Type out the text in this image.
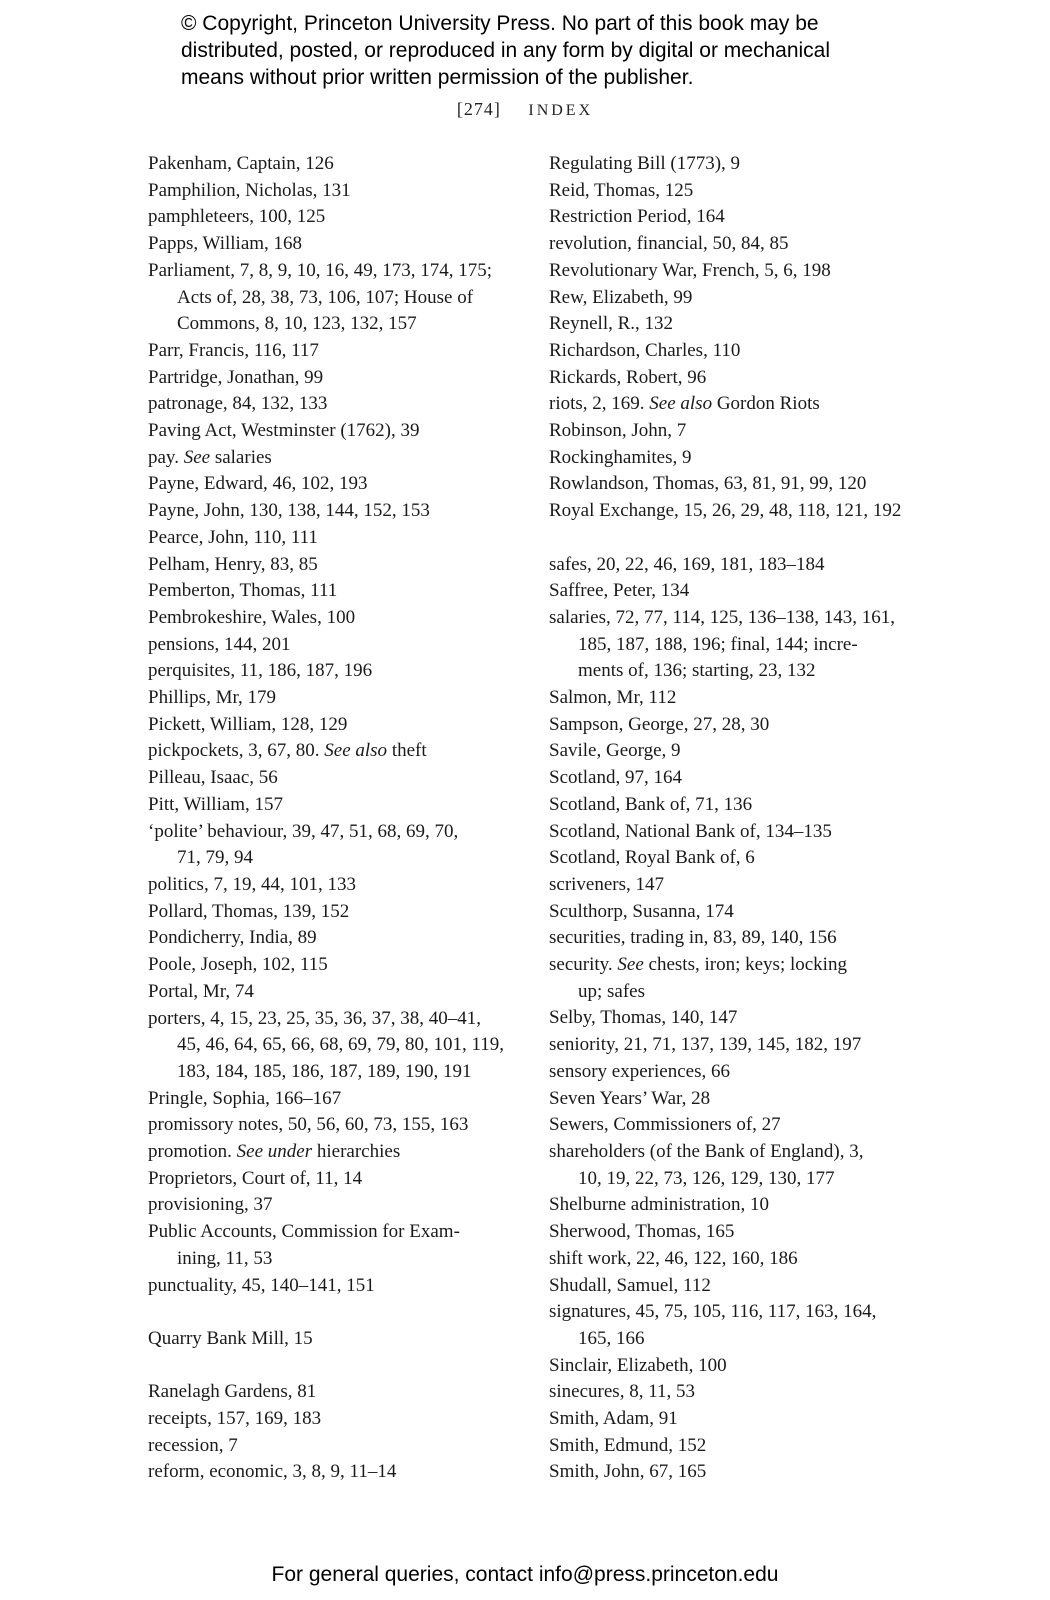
© Copyright, Princeton University Press. No part of this book may be
distributed, posted, or reproduced in any form by digital or mechanical
means without prior written permission of the publisher.
[274] INDEX
Pakenham, Captain, 126
Pamphilion, Nicholas, 131
pamphleteers, 100, 125
Papps, William, 168
Parliament, 7, 8, 9, 10, 16, 49, 173, 174, 175;
Acts of, 28, 38, 73, 106, 107; House of
Commons, 8, 10, 123, 132, 157
Parr, Francis, 116, 117
Partridge, Jonathan, 99
patronage, 84, 132, 133
Paving Act, Westminster (1762), 39
pay. See salaries
Payne, Edward, 46, 102, 193
Payne, John, 130, 138, 144, 152, 153
Pearce, John, 110, 111
Pelham, Henry, 83, 85
Pemberton, Thomas, 111
Pembrokeshire, Wales, 100
pensions, 144, 201
perquisites, 11, 186, 187, 196
Phillips, Mr, 179
Pickett, William, 128, 129
pickpockets, 3, 67, 80. See also theft
Pilleau, Isaac, 56
Pitt, William, 157
‘polite’ behaviour, 39, 47, 51, 68, 69, 70,
71, 79, 94
politics, 7, 19, 44, 101, 133
Pollard, Thomas, 139, 152
Pondicherry, India, 89
Poole, Joseph, 102, 115
Portal, Mr, 74
porters, 4, 15, 23, 25, 35, 36, 37, 38, 40–41,
45, 46, 64, 65, 66, 68, 69, 79, 80, 101, 119,
183, 184, 185, 186, 187, 189, 190, 191
Pringle, Sophia, 166–167
promissory notes, 50, 56, 60, 73, 155, 163
promotion. See under hierarchies
Proprietors, Court of, 11, 14
provisioning, 37
Public Accounts, Commission for Exam-
ining, 11, 53
punctuality, 45, 140–141, 151
Quarry Bank Mill, 15
Ranelagh Gardens, 81
receipts, 157, 169, 183
recession, 7
reform, economic, 3, 8, 9, 11–14
Regulating Bill (1773), 9
Reid, Thomas, 125
Restriction Period, 164
revolution, financial, 50, 84, 85
Revolutionary War, French, 5, 6, 198
Rew, Elizabeth, 99
Reynell, R., 132
Richardson, Charles, 110
Rickards, Robert, 96
riots, 2, 169. See also Gordon Riots
Robinson, John, 7
Rockinghamites, 9
Rowlandson, Thomas, 63, 81, 91, 99, 120
Royal Exchange, 15, 26, 29, 48, 118, 121, 192
safes, 20, 22, 46, 169, 181, 183–184
Saffree, Peter, 134
salaries, 72, 77, 114, 125, 136–138, 143, 161,
185, 187, 188, 196; final, 144; incre-
ments of, 136; starting, 23, 132
Salmon, Mr, 112
Sampson, George, 27, 28, 30
Savile, George, 9
Scotland, 97, 164
Scotland, Bank of, 71, 136
Scotland, National Bank of, 134–135
Scotland, Royal Bank of, 6
scriveners, 147
Sculthorp, Susanna, 174
securities, trading in, 83, 89, 140, 156
security. See chests, iron; keys; locking
up; safes
Selby, Thomas, 140, 147
seniority, 21, 71, 137, 139, 145, 182, 197
sensory experiences, 66
Seven Years’ War, 28
Sewers, Commissioners of, 27
shareholders (of the Bank of England), 3,
10, 19, 22, 73, 126, 129, 130, 177
Shelburne administration, 10
Sherwood, Thomas, 165
shift work, 22, 46, 122, 160, 186
Shudall, Samuel, 112
signatures, 45, 75, 105, 116, 117, 163, 164,
165, 166
Sinclair, Elizabeth, 100
sinecures, 8, 11, 53
Smith, Adam, 91
Smith, Edmund, 152
Smith, John, 67, 165
For general queries, contact info@press.princeton.edu
